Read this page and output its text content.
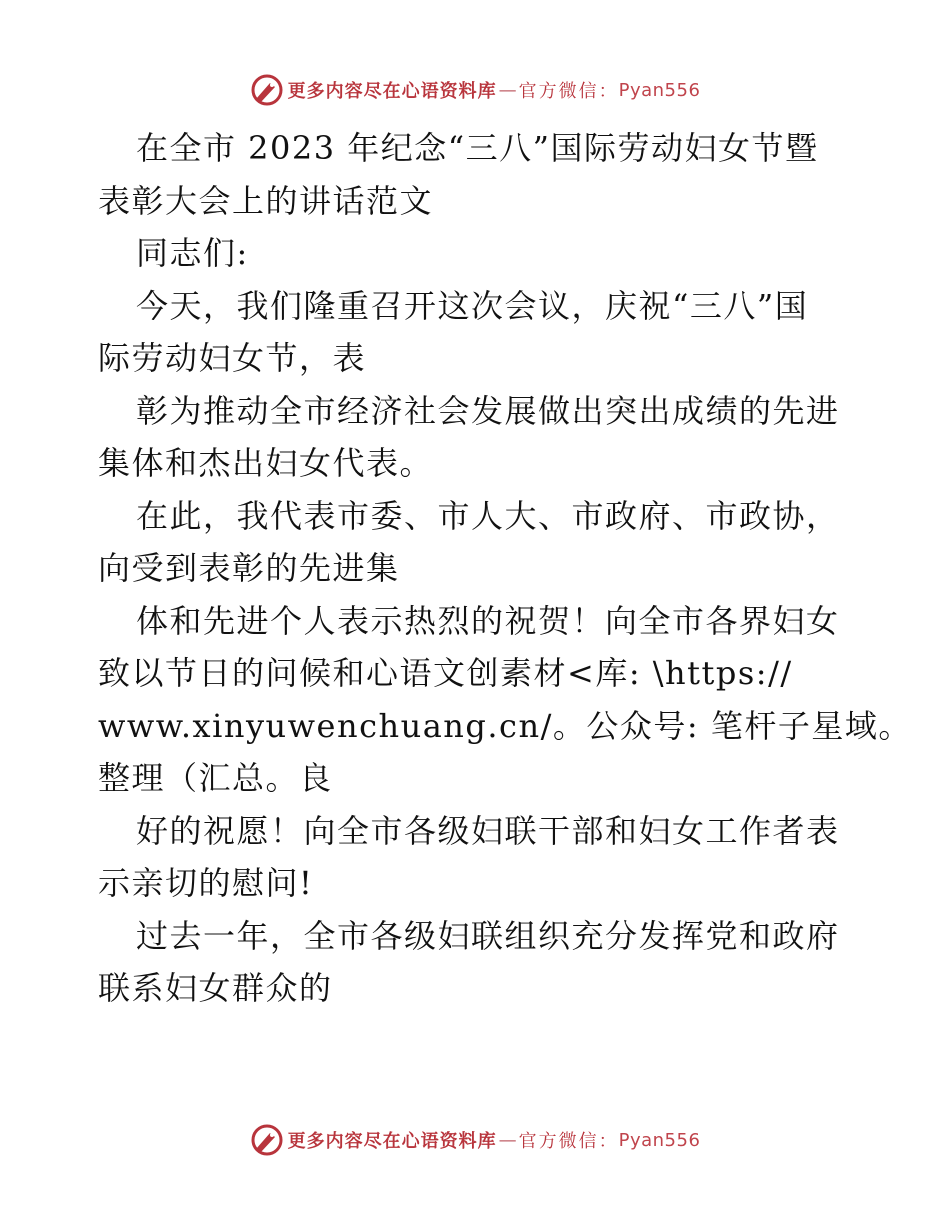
更多内容尽在心语资料库 — 官方微信： Pyan556
在全市 2023 年纪念“三八”国际劳动妇女节暨
表彰大会上的讲话范文
同志们:
今天，我们隆重召开这次会议，庆祝“三八”国
际劳动妇女节，表
彰为推动全市经济社会发展做出突出成绩的先进
集体和杰出妇女代表。
在此，我代表市委、市人大、市政府、市政协，
向受到表彰的先进集
体和先进个人表示热烈的祝贺！向全市各界妇女
致以节日的问候和心语文创素材<库: \https://
www.xinyuwenchuang.cn/。公众号: 笔杆子星域。
整理（汇总。良
好的祝愿！向全市各级妇联干部和妇女工作者表
示亲切的慰问!
过去一年，全市各级妇联组织充分发挥党和政府
联系妇女群众的
更多内容尽在心语资料库 — 官方微信： Pyan556
